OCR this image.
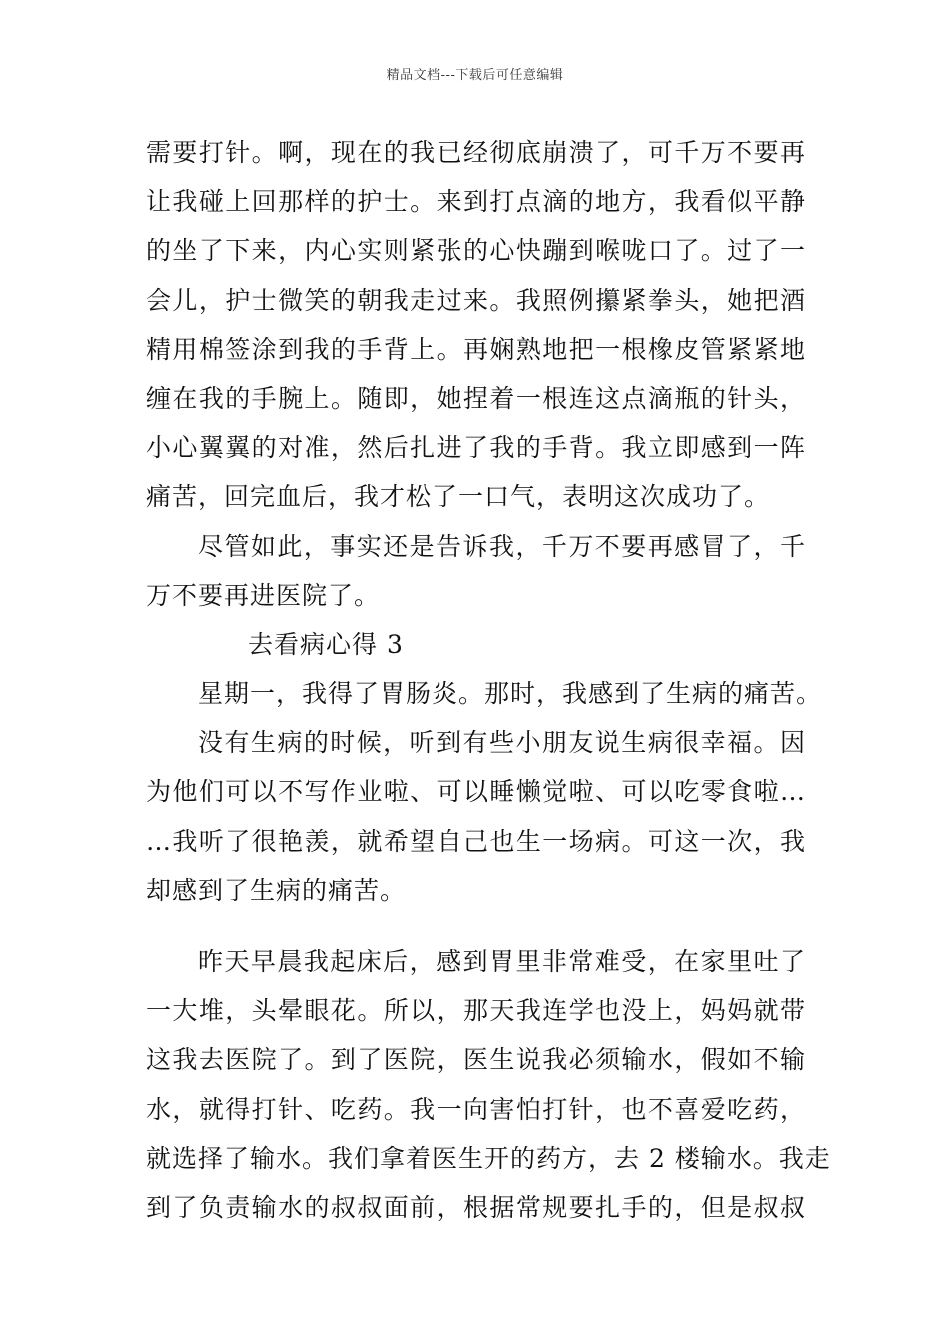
精品文档---下载后可任意编辑
需要打针。啊，现在的我已经彻底崩溃了，可千万不要再
让我碰上回那样的护士。来到打点滴的地方，我看似平静
的坐了下来，内心实则紧张的心快蹦到喉咙口了。过了一
会儿，护士微笑的朝我走过来。我照例攥紧拳头，她把酒
精用棉签涂到我的手背上。再娴熟地把一根橡皮管紧紧地
缠在我的手腕上。随即，她捏着一根连这点滴瓶的针头，
小心翼翼的对准，然后扎进了我的手背。我立即感到一阵
痛苦，回完血后，我才松了一口气，表明这次成功了。
尽管如此，事实还是告诉我，千万不要再感冒了，千
万不要再进医院了。
去看病心得 3
星期一，我得了胃肠炎。那时，我感到了生病的痛苦。
没有生病的时候，听到有些小朋友说生病很幸福。因
为他们可以不写作业啦、可以睡懒觉啦、可以吃零食啦…
…我听了很艳羡，就希望自己也生一场病。可这一次，我
却感到了生病的痛苦。
昨天早晨我起床后，感到胃里非常难受，在家里吐了
一大堆，头晕眼花。所以，那天我连学也没上，妈妈就带
这我去医院了。到了医院，医生说我必须输水，假如不输
水，就得打针、吃药。我一向害怕打针，也不喜爱吃药，
就选择了输水。我们拿着医生开的药方，去 2 楼输水。我走
到了负责输水的叔叔面前，根据常规要扎手的，但是叔叔
